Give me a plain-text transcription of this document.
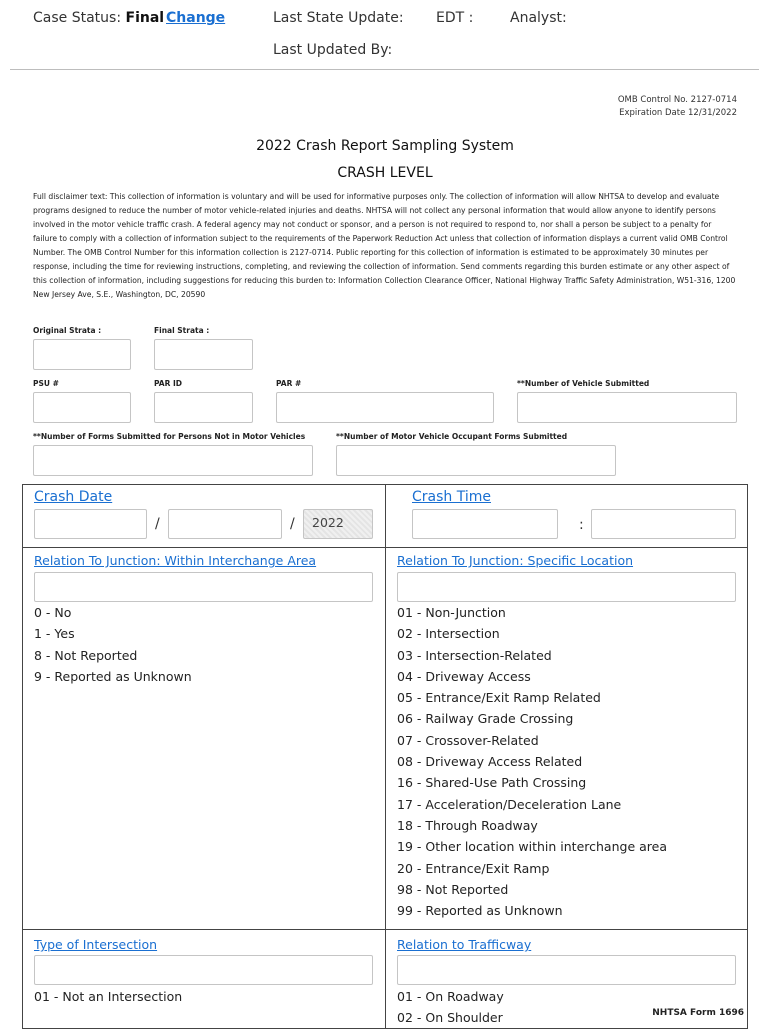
Case Status: Final Change	Last State Update: EDT :	Analyst:
Last Updated By:
OMB Control No. 2127-0714
Expiration Date 12/31/2022
2022 Crash Report Sampling System
CRASH LEVEL
Full disclaimer text: This collection of information is voluntary and will be used for informative purposes only. The collection of information will allow NHTSA to develop and evaluate programs designed to reduce the number of motor vehicle-related injuries and deaths. NHTSA will not collect any personal information that would allow anyone to identify persons involved in the motor vehicle traffic crash. A federal agency may not conduct or sponsor, and a person is not required to respond to, nor shall a person be subject to a penalty for failure to comply with a collection of information subject to the requirements of the Paperwork Reduction Act unless that collection of information displays a current valid OMB Control Number. The OMB Control Number for this information collection is 2127-0714. Public reporting for this collection of information is estimated to be approximately 30 minutes per response, including the time for reviewing instructions, completing, and reviewing the collection of information. Send comments regarding this burden estimate or any other aspect of this collection of information, including suggestions for reducing this burden to: Information Collection Clearance Officer, National Highway Traffic Safety Administration, W51-316, 1200 New Jersey Ave, S.E., Washington, DC, 20590
Original Strata :	Final Strata :
PSU #	PAR ID	PAR #	**Number of Vehicle Submitted
**Number of Forms Submitted for Persons Not in Motor Vehicles	**Number of Motor Vehicle Occupant Forms Submitted
Crash Date
/	/	2022
Crash Time
:
Relation To Junction: Within Interchange Area
0 - No
1 - Yes
8 - Not Reported
9 - Reported as Unknown
Relation To Junction: Specific Location
01 - Non-Junction
02 - Intersection
03 - Intersection-Related
04 - Driveway Access
05 - Entrance/Exit Ramp Related
06 - Railway Grade Crossing
07 - Crossover-Related
08 - Driveway Access Related
16 - Shared-Use Path Crossing
17 - Acceleration/Deceleration Lane
18 - Through Roadway
19 - Other location within interchange area
20 - Entrance/Exit Ramp
98 - Not Reported
99 - Reported as Unknown
Type of Intersection
01 - Not an Intersection
Relation to Trafficway
01 - On Roadway
02 - On Shoulder	NHTSA Form 1696
